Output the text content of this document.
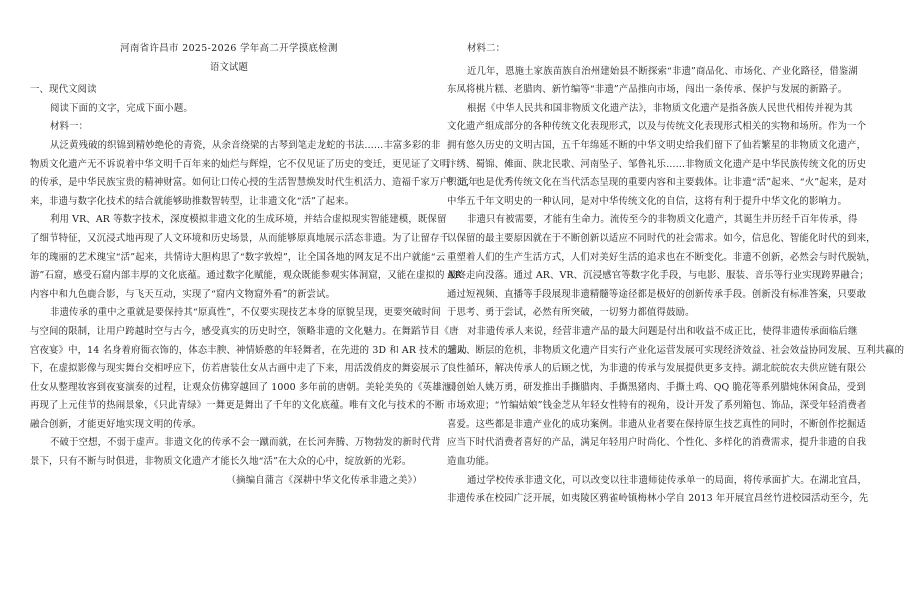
河南省许昌市 2025-2026 学年高二开学摸底检测
语文试题
一、现代文阅读
阅读下面的文字，完成下面小题。
材料一：
从泛黄残破的织锦到精妙绝伦的青瓷，从余音绕梁的古琴到笔走龙蛇的书法……丰富多彩的非
物质文化遗产无不诉说着中华文明千百年来的灿烂与辉煌，它不仅见证了历史的变迁，更见证了文明
的传承，是中华民族宝贵的精神财富。如何让口传心授的生活智慧焕发时代生机活力、造福千家万户？近年
来，非遗与数字化技术的结合就能够助推数智转型，让非遗文化“活”了起来。
利用 VR、AR 等数字技术，深度模拟非遗文化的生成环境，并结合虚拟现实智能建模，既保留
了细节特征，又沉浸式地再现了人文环境和历史场景，从而能够原真地展示活态非遗。为了让留存千
年的瑰丽的艺术瑰宝“活”起来，共情诗大胆构思了“数字敦煌”，让全国各地的网友足不出户就能“云
游”石窟，感受石窟内部丰厚的文化底蕴。通过数字化赋能，观众既能参观实体洞窟，又能在虚拟的 AR
内容中和九色鹿合影，与飞天互动，实现了“窟内文物窟外看”的新尝试。
非遗传承的重中之重就是要保持其“原真性”，不仅要实现技艺本身的原貌呈现，更要突破时间
与空间的限制，让用户跨越时空与古今，感受真实的历史时空，领略非遗的文化魅力。在舞蹈节目《唐
宫夜宴》中，14 名身着府衙衣饰的，体态丰腴、神情娇憨的年轻舞者，在先进的 3D 和 AR 技术的辅助
下，在虚拟影像与现实舞台交相呼应下，仿若唐装仕女从古画中走了下来，用活泼俏皮的舞姿展示了
仕女从整理妆容到夜宴演奏的过程，让观众仿佛穿越回了 1000 多年前的唐朝。美轮美奂的《英雄池》
再现了上元佳节的热闹景象，《只此青绿》一舞更是舞出了千年的文化底蕴。唯有文化与技术的不断
融合创新，才能更好地实现文明的传承。
不破于空想，不弱于虚声。非遗文化的传承不会一蹴而就，在长河奔腾、万物勃发的新时代背
景下，只有不断与时俱进，非物质文化遗产才能长久地“活”在大众的心中，绽放新的光彩。
（摘编自蒲言《深耕中华文化传承非遗之美》）
材料二：
近几年，恩施土家族苗族自治州建始县不断探索“非遗”商品化、市场化、产业化路径，借鉴湖
东凤将桃片糕、老腊肉、新竹编等“非遗”产品推向市场，闯出一条传承、保护与发展的新路子。
根据《中华人民共和国非物质文化遗产法》，非物质文化遗产是指各族人民世代相传并视为其
文化遗产组成部分的各种传统文化表现形式，以及与传统文化表现形式相关的实物和场所。作为一个
拥有悠久历史的文明古国，五千年绵延不断的中华文明史给我们留下了仙若繁星的非物质文化遗产，
汴绣、蜀锦、傩面、陕北民歌、河南坠子、邹鲁礼乐……非物质文化遗产是中华民族传统文化的历史
积淀，也是优秀传统文化在当代活态呈现的重要内容和主要载体。让非遗“活”起来、“火”起来，是对
中华五千年文明史的一种认同，是对中华传统文化的自信，这将有利于提升中华文化的影响力。
非遗只有被需要，才能有生命力。流传至今的非物质文化遗产，其诞生并历经千百年传承，得
以保留的最主要原因就在于不断创新以适应不同时代的社会需求。如今，信息化、智能化时代的到来，
重塑着人们的生产生活方式，人们对美好生活的追求也在不断变化。非遗不创新，必然会与时代脱轨，
最终走向没落。通过 AR、VR、沉浸感官等数字化手段，与电影、服装、音乐等行业实现跨界融合；
通过短视频、直播等手段展现非遗精髓等途径都是极好的创新传承手段。创新没有标准答案，只要敢
于思考、勇于尝试，必然有所突破，一切努力都值得鼓励。
对非遗传承人来说，经营非遗产品的最大问题是付出和收益不成正比，使得非遗传承面临后继
乏人、断层的危机，非物质文化遗产目实行产业化运营发展可实现经济效益、社会效益协同发展、互利共赢的
良性循环，解决传承人的后顾之忧，为非遗的传承与发展提供更多支持。湖北皖皖农夫供应链有限公
司创始人姚万勇，研发推出手撕腊肉、手撕黑猪肉、手撕土鸡、QQ 脆花等系列腊炖休闲食品，受到
市场欢迎；“竹编姑娘”钱金芝从年轻女性特有的视角，设计开发了系列箱包、饰品，深受年轻消费者
喜爱。这些都是非遗产业化的成功案例。非遗从业者要在保持原生技艺真性的同时，不断创作挖掘适
应当下时代消费者喜好的产品，满足年轻用户时尚化、个性化、多样化的消费需求，提升非遗的自我
造血功能。
通过学校传承非遗文化，可以改变以往非遗师徒传承单一的局面，将传承面扩大。在湖北宜昌，
非遗传承在校园广泛开展，如夷陵区鸦雀岭镇梅林小学自 2013 年开展宜昌丝竹进校园活动至今，先
